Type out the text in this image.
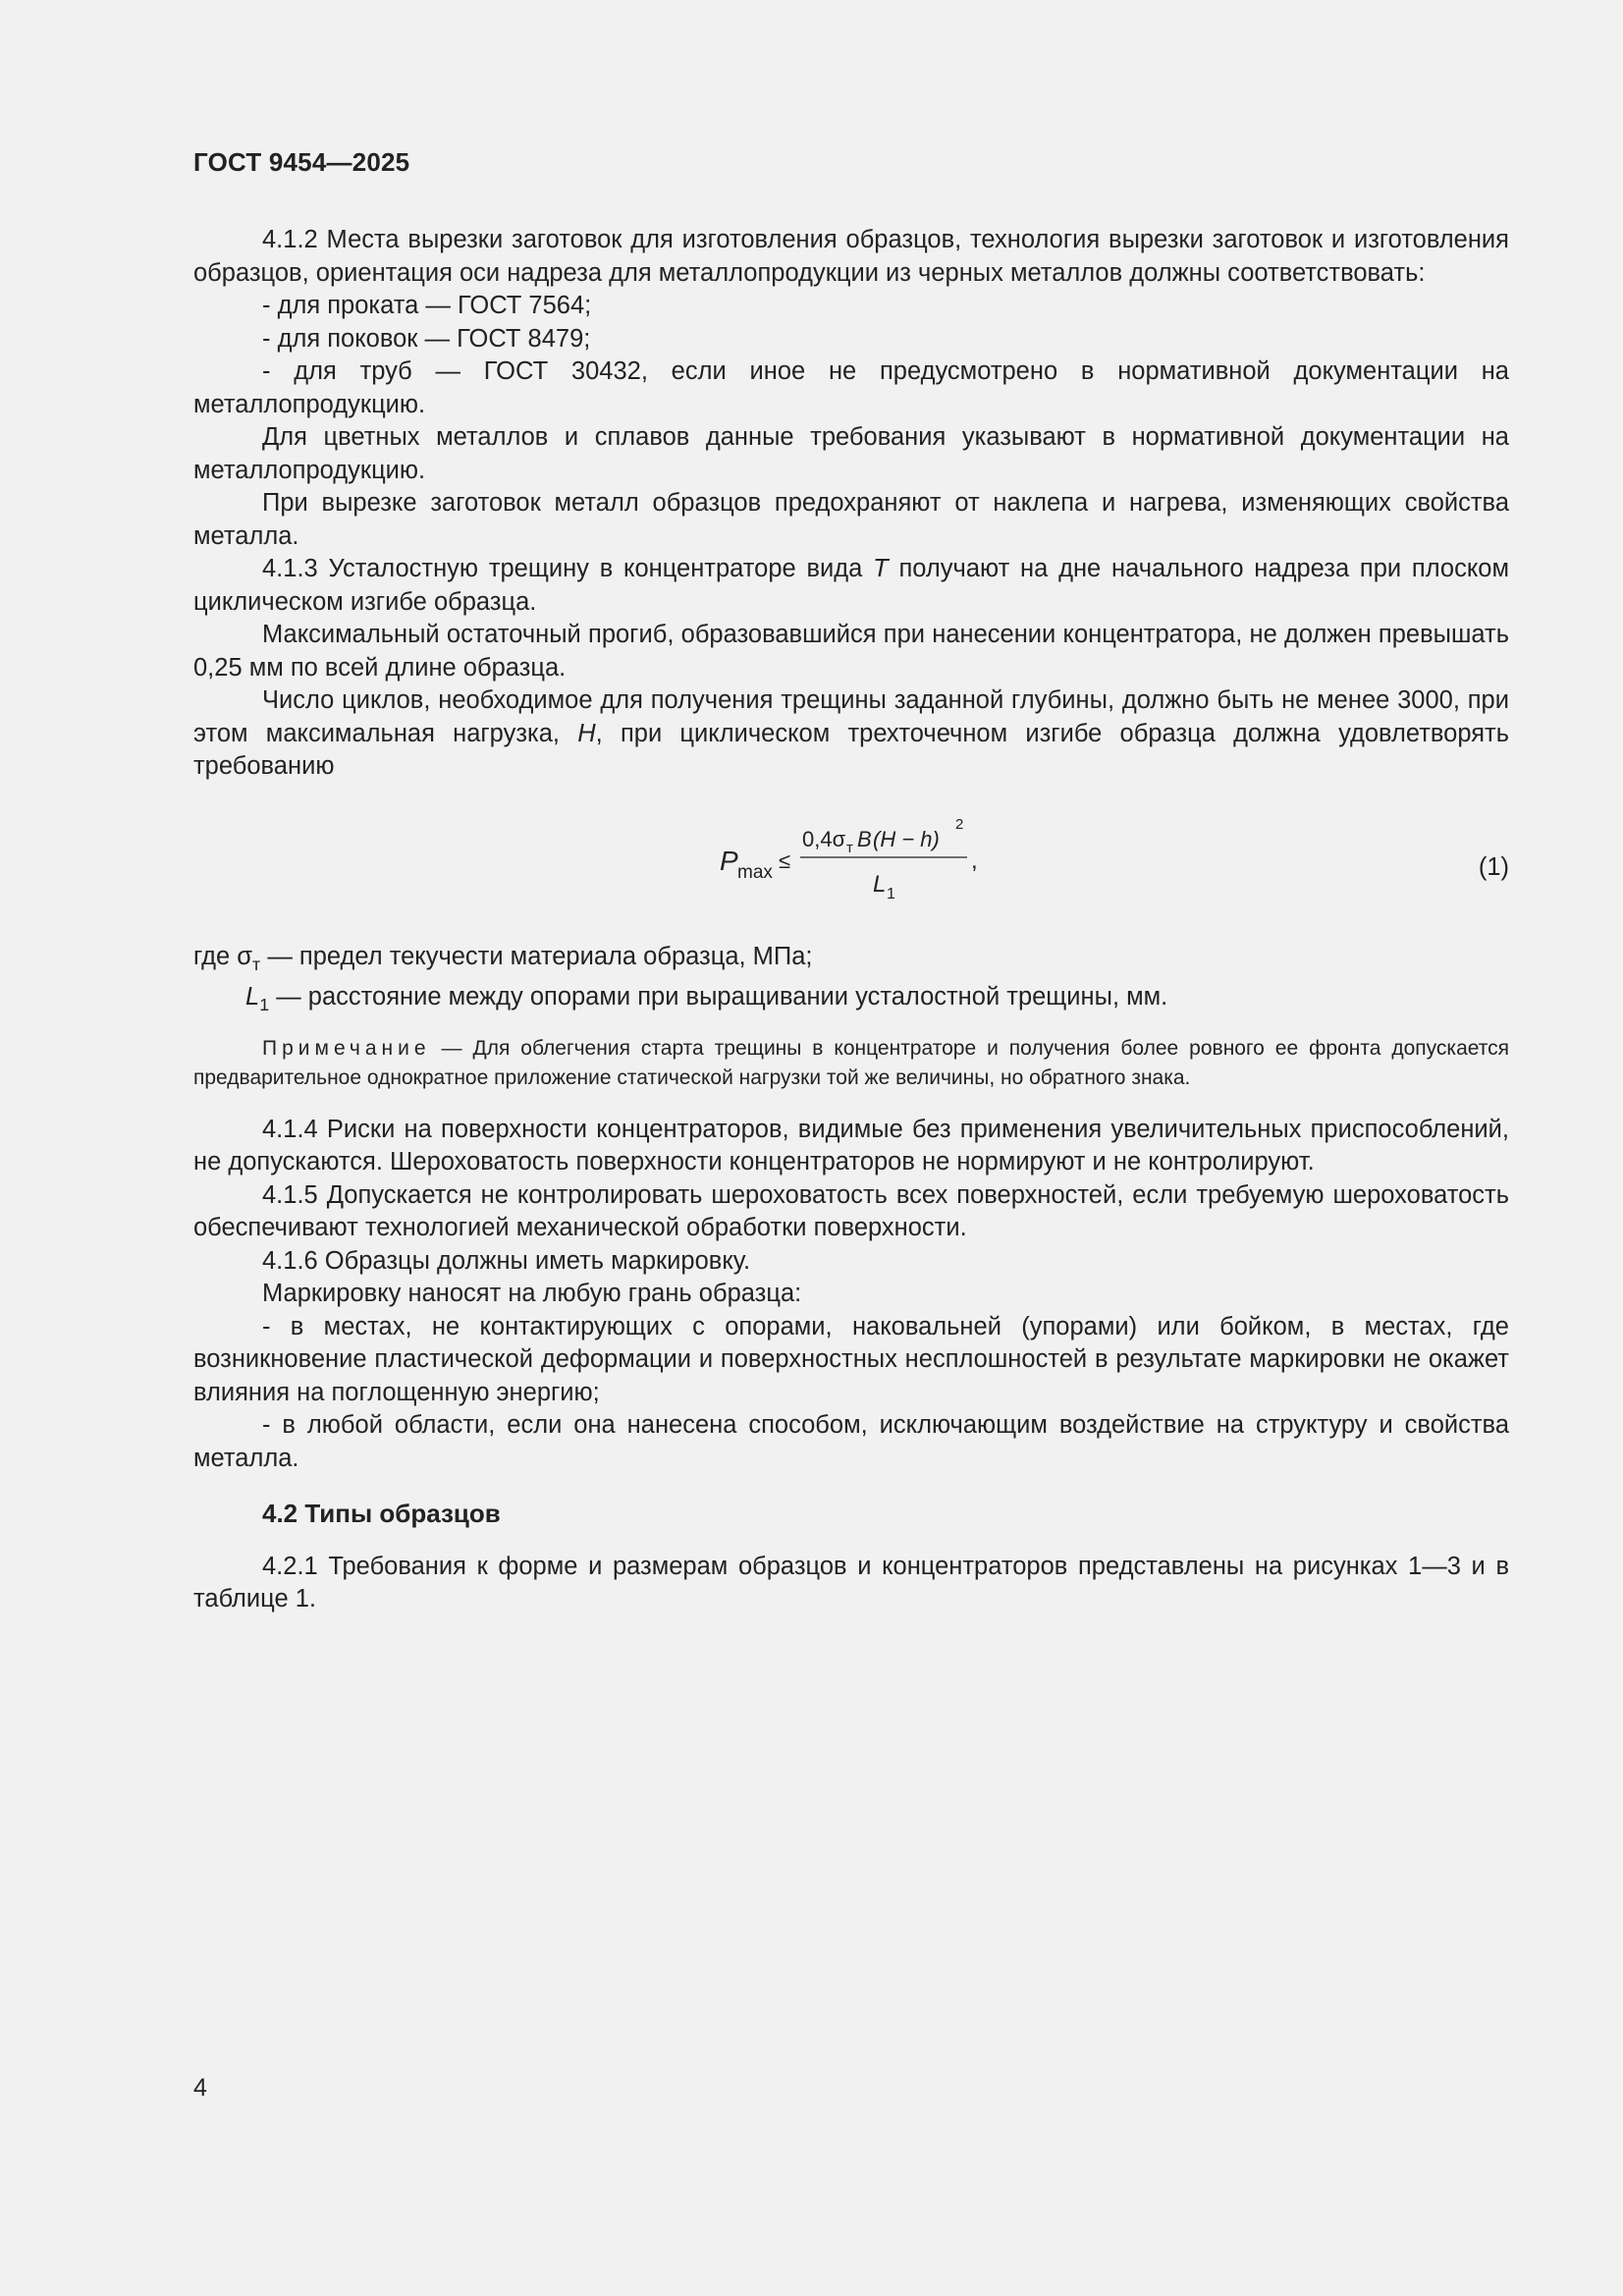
ГОСТ 9454—2025

4.1.2 Места вырезки заготовок для изготовления образцов, технология вырезки заготовок и изготовления образцов, ориентация оси надреза для металлопродукции из черных металлов должны соответствовать:

- для проката — ГОСТ 7564;

- для поковок — ГОСТ 8479;

- для труб — ГОСТ 30432, если иное не предусмотрено в нормативной документации на металлопродукцию.

Для цветных металлов и сплавов данные требования указывают в нормативной документации на металлопродукцию.

При вырезке заготовок металл образцов предохраняют от наклепа и нагрева, изменяющих свойства металла.

4.1.3 Усталостную трещину в концентраторе вида T получают на дне начального надреза при плоском циклическом изгибе образца.

Максимальный остаточный прогиб, образовавшийся при нанесении концентратора, не должен превышать 0,25 мм по всей длине образца.

Число циклов, необходимое для получения трещины заданной глубины, должно быть не менее 3000, при этом максимальная нагрузка, H, при циклическом трехточечном изгибе образца должна удовлетворять требованию

P max ≤
0,4σ т B (H − h)
2
L 1
,	(1)

где $\sigma_т$ — предел текучести материала образца, МПа;

$L_1$ — расстояние между опорами при выращивании усталостной трещины, мм.

Примечание — Для облегчения старта трещины в концентраторе и получения более ровного ее фронта допускается предварительное однократное приложение статической нагрузки той же величины, но обратного знака.

4.1.4 Риски на поверхности концентраторов, видимые без применения увеличительных приспособлений, не допускаются. Шероховатость поверхности концентраторов не нормируют и не контролируют.

4.1.5 Допускается не контролировать шероховатость всех поверхностей, если требуемую шероховатость обеспечивают технологией механической обработки поверхности.

4.1.6 Образцы должны иметь маркировку.

Маркировку наносят на любую грань образца:

- в местах, не контактирующих с опорами, наковальней (упорами) или бойком, в местах, где возникновение пластической деформации и поверхностных несплошностей в результате маркировки не окажет влияния на поглощенную энергию;

- в любой области, если она нанесена способом, исключающим воздействие на структуру и свойства металла.

4.2 Типы образцов

4.2.1 Требования к форме и размерам образцов и концентраторов представлены на рисунках 1—3 и в таблице 1.

4
